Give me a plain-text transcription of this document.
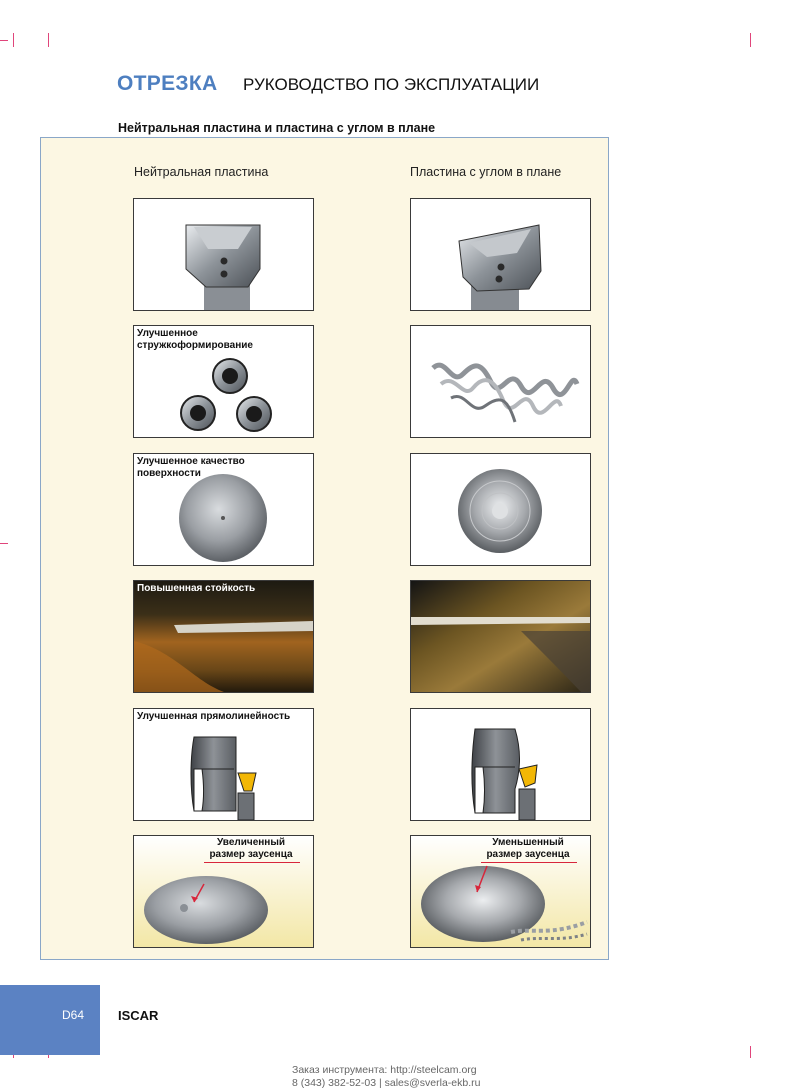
ОТРЕЗКА РУКОВОДСТВО ПО ЭКСПЛУАТАЦИИ
Нейтральная пластина и пластина с углом в плане
Нейтральная пластина	Пластина с углом в плане
Улучшенное стружкоформирование
Улучшенное качество поверхности
Повышенная стойкость
Улучшенная прямолинейность
Увеличенный размер заусенца
Уменьшенный размер заусенца
D64	ISCAR
Заказ инструмента: http://steelcam.org
8 (343) 382-52-03 | sales@sverla-ekb.ru
